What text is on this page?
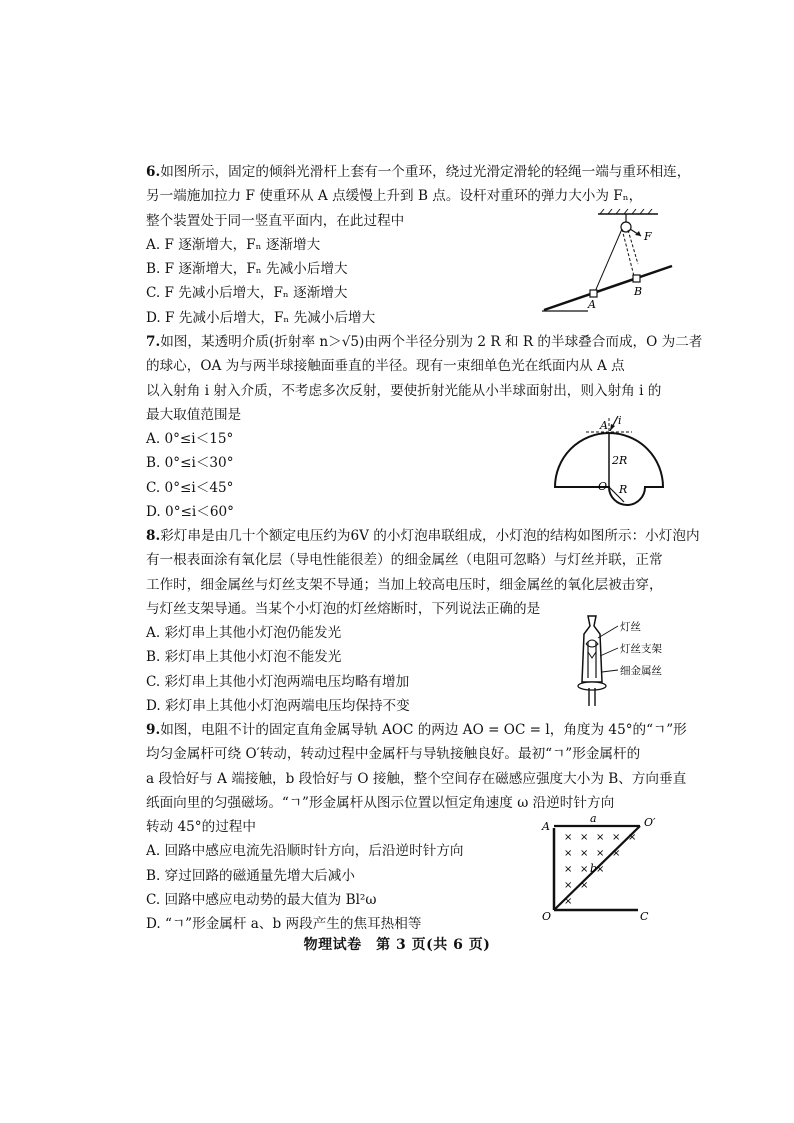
6.如图所示，固定的倾斜光滑杆上套有一个重环，绕过光滑定滑轮的轻绳一端与重环相连，

另一端施加拉力 F 使重环从 A 点缓慢上升到 B 点。设杆对重环的弹力大小为 Fₙ，

整个装置处于同一竖直平面内，在此过程中

A. F 逐渐增大，Fₙ 逐渐增大

B. F 逐渐增大，Fₙ 先减小后增大

C. F 先减小后增大，Fₙ 逐渐增大

D. F 先减小后增大，Fₙ 先减小后增大

F
A
B

7.如图，某透明介质(折射率 n＞√5)由两个半径分别为 2 R 和 R 的半球叠合而成，O 为二者

的球心，OA 为与两半球接触面垂直的半径。现有一束细单色光在纸面内从 A 点

以入射角 i 射入介质，不考虑多次反射，要使折射光能从小半球面射出，则入射角 i 的

最大取值范围是

A. 0°≤i＜15°

B. 0°≤i＜30°

C. 0°≤i＜45°

D. 0°≤i＜60°

A i
2R
O R

8.彩灯串是由几十个额定电压约为6V 的小灯泡串联组成，小灯泡的结构如图所示：小灯泡内

有一根表面涂有氧化层（导电性能很差）的细金属丝（电阻可忽略）与灯丝并联，正常

工作时，细金属丝与灯丝支架不导通；当加上较高电压时，细金属丝的氧化层被击穿，

与灯丝支架导通。当某个小灯泡的灯丝熔断时，下列说法正确的是

A. 彩灯串上其他小灯泡仍能发光

B. 彩灯串上其他小灯泡不能发光

C. 彩灯串上其他小灯泡两端电压均略有增加

D. 彩灯串上其他小灯泡两端电压均保持不变

灯丝
灯丝支架
细金属丝

9.如图，电阻不计的固定直角金属导轨 AOC 的两边 AO = OC = l，角度为 45°的“ㄱ”形

均匀金属杆可绕 O′转动，转动过程中金属杆与导轨接触良好。最初“ㄱ”形金属杆的

a 段恰好与 A 端接触，b 段恰好与 O 接触，整个空间存在磁感应强度大小为 B、方向垂直

纸面向里的匀强磁场。“ㄱ”形金属杆从图示位置以恒定角速度 ω 沿逆时针方向

转动 45°的过程中

A. 回路中感应电流先沿顺时针方向，后沿逆时针方向

B. 穿过回路的磁通量先增大后减小

C. 回路中感应电动势的最大值为 Bl²ω

D. “ㄱ”形金属杆 a、b 两段产生的焦耳热相等

× × × × ×
× × × ×
× × ×
× ×
×
A
O	C
O′
a
b
物理试卷　第 3 页(共 6 页)
